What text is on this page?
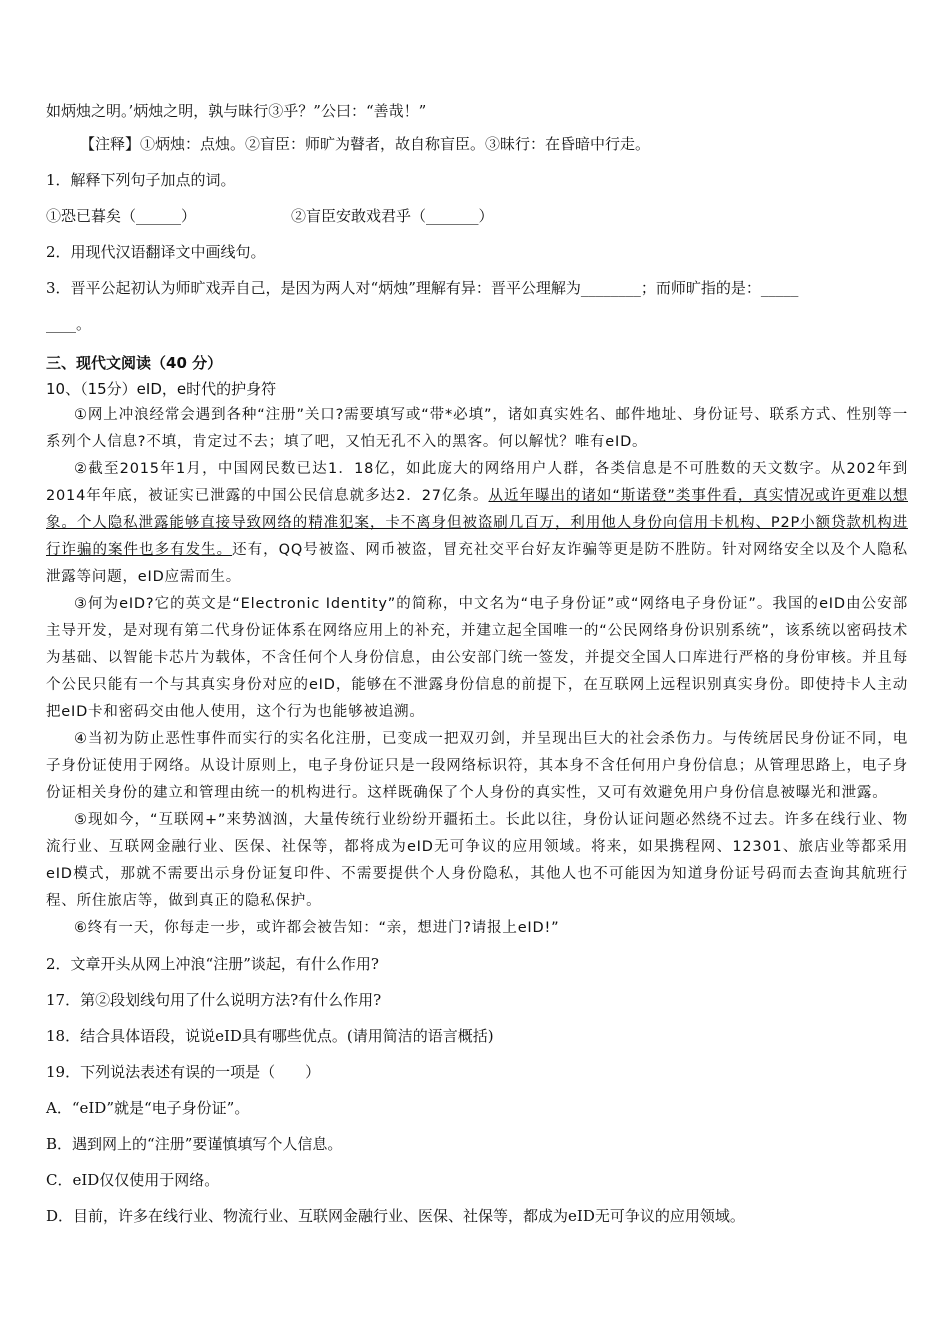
如炳烛之明。’炳烛之明，孰与昧行③乎？”公曰：“善哉！”

【注释】①炳烛：点烛。②盲臣：师旷为瞽者，故自称盲臣。③昧行：在昏暗中行走。

1．解释下列句子加点的词。

①恐已暮矣（______）	②盲臣安敢戏君乎（_______）

2．用现代汉语翻译文中画线句。

3．晋平公起初认为师旷戏弄自己，是因为两人对“炳烛”理解有异：晋平公理解为________；而师旷指的是：_____

____。

三、现代文阅读（40 分）

10、（15分）eID，e时代的护身符

①网上冲浪经常会遇到各种“注册”关口?需要填写或“带*必填”，诸如真实姓名、邮件地址、身份证号、联系方式、性别等一系列个人信息?不填，肯定过不去；填了吧，又怕无孔不入的黑客。何以解忧？唯有eID。

②截至2015年1月，中国网民数已达1．18亿，如此庞大的网络用户人群，各类信息是不可胜数的天文数字。从202年到2014年年底，被证实已泄露的中国公民信息就多达2．27亿条。从近年曝出的诸如“斯诺登”类事件看，真实情况或许更难以想象。个人隐私泄露能够直接导致网络的精准犯案，卡不离身但被盗刷几百万，利用他人身份向信用卡机构、P2P小额贷款机构进行诈骗的案件也多有发生。还有，QQ号被盗、网币被盗，冒充社交平台好友诈骗等更是防不胜防。针对网络安全以及个人隐私泄露等问题，eID应需而生。

③何为eID?它的英文是“Electronic Identity”的简称，中文名为“电子身份证”或“网络电子身份证”。我国的eID由公安部主导开发，是对现有第二代身份证体系在网络应用上的补充，并建立起全国唯一的“公民网络身份识别系统”，该系统以密码技术为基础、以智能卡芯片为载体，不含任何个人身份信息，由公安部门统一签发，并提交全国人口库进行严格的身份审核。并且每个公民只能有一个与其真实身份对应的eID，能够在不泄露身份信息的前提下，在互联网上远程识别真实身份。即使持卡人主动把eID卡和密码交由他人使用，这个行为也能够被追溯。

④当初为防止恶性事件而实行的实名化注册，已变成一把双刃剑，并呈现出巨大的社会杀伤力。与传统居民身份证不同，电子身份证使用于网络。从设计原则上，电子身份证只是一段网络标识符，其本身不含任何用户身份信息；从管理思路上，电子身份证相关身份的建立和管理由统一的机构进行。这样既确保了个人身份的真实性，又可有效避免用户身份信息被曝光和泄露。

⑤现如今，“互联网+”来势汹汹，大量传统行业纷纷开疆拓土。长此以往，身份认证问题必然绕不过去。许多在线行业、物流行业、互联网金融行业、医保、社保等，都将成为eID无可争议的应用领域。将来，如果携程网、12301、旅店业等都采用eID模式，那就不需要出示身份证复印件、不需要提供个人身份隐私，其他人也不可能因为知道身份证号码而去查询其航班行程、所住旅店等，做到真正的隐私保护。

⑥终有一天，你每走一步，或许都会被告知：“亲，想进门?请报上eID!”

2．文章开头从网上冲浪“注册”谈起，有什么作用?

17．第②段划线句用了什么说明方法?有什么作用?

18．结合具体语段，说说eID具有哪些优点。(请用简洁的语言概括)

19．下列说法表述有误的一项是（　　）

A．“eID”就是“电子身份证”。

B．遇到网上的“注册”要谨慎填写个人信息。

C．eID仅仅使用于网络。

D．目前，许多在线行业、物流行业、互联网金融行业、医保、社保等，都成为eID无可争议的应用领域。
